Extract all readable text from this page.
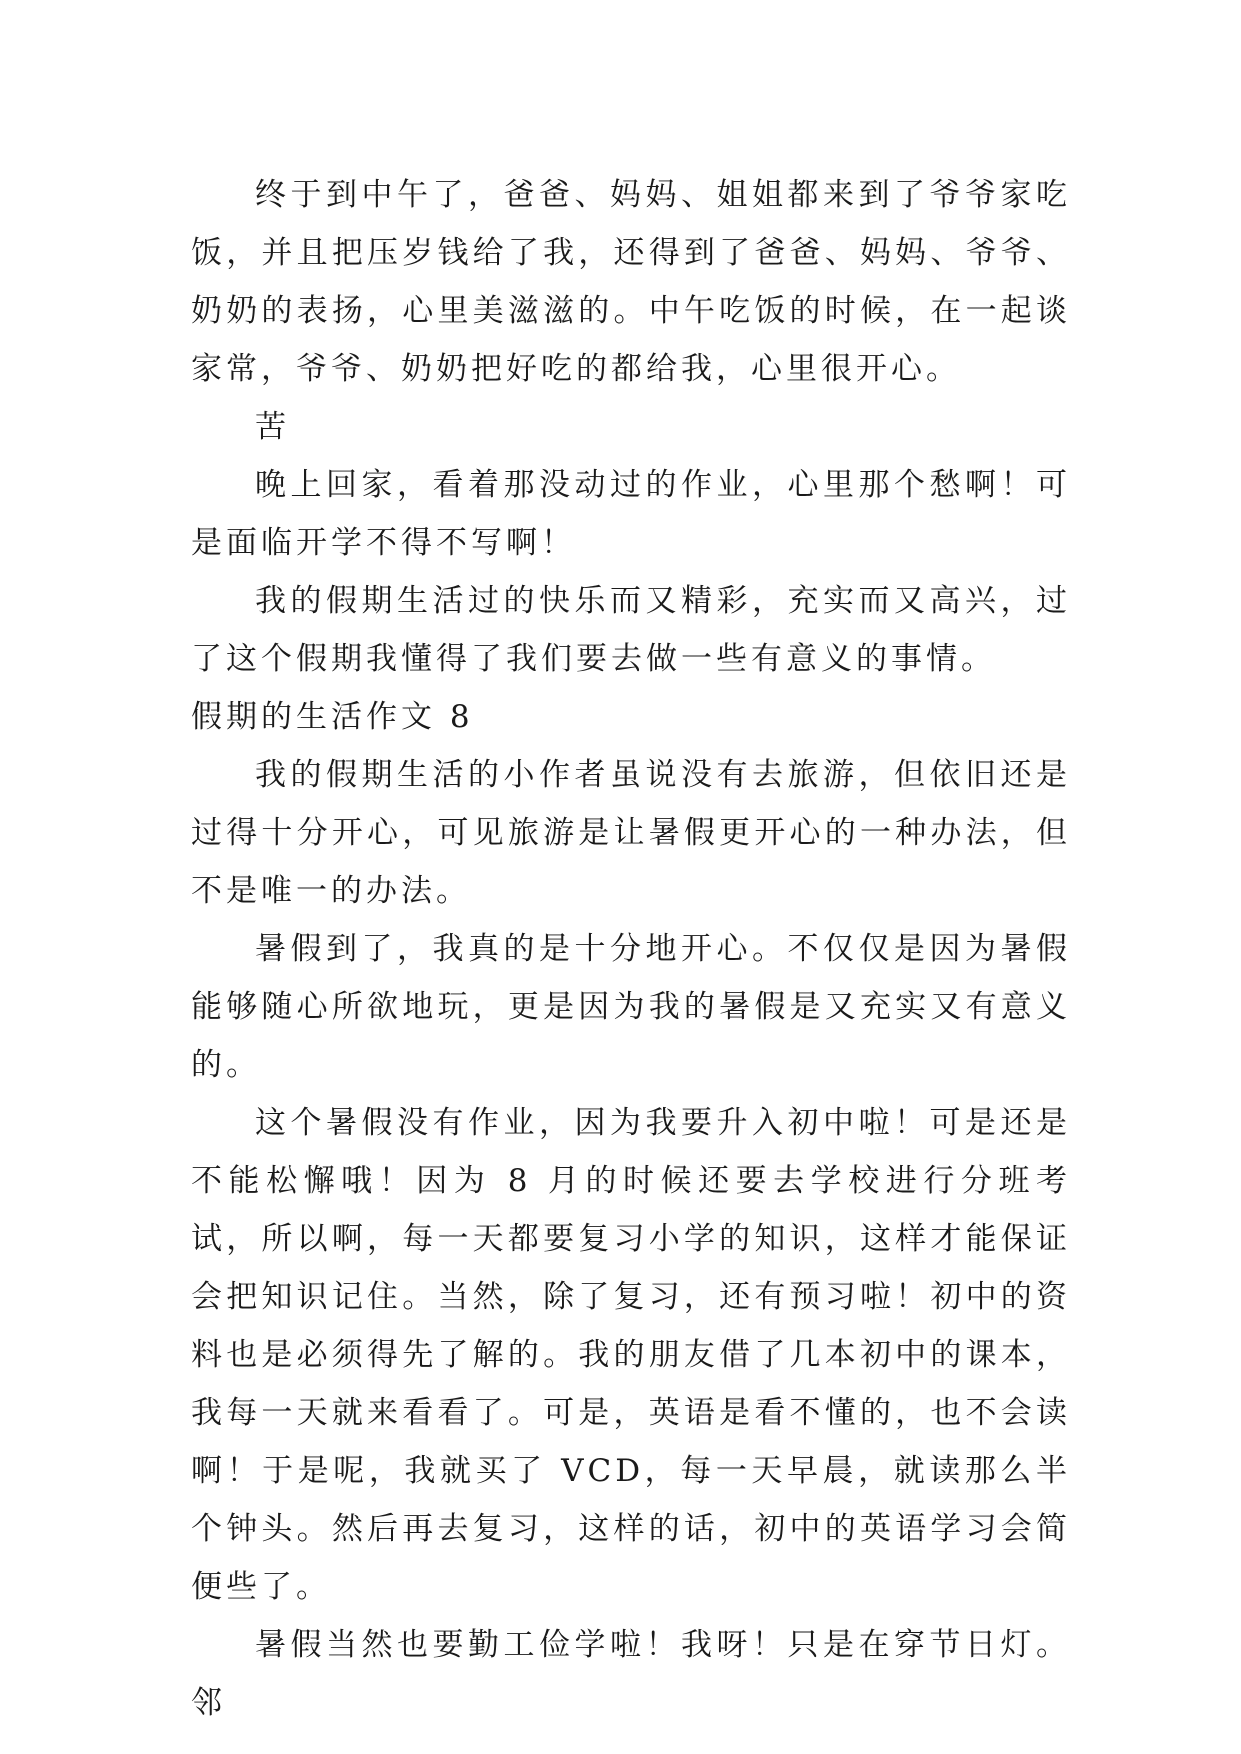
终于到中午了，爸爸、妈妈、姐姐都来到了爷爷家吃饭，并且把压岁钱给了我，还得到了爸爸、妈妈、爷爷、奶奶的表扬，心里美滋滋的。中午吃饭的时候，在一起谈家常，爷爷、奶奶把好吃的都给我，心里很开心。

苦

晚上回家，看着那没动过的作业，心里那个愁啊！可是面临开学不得不写啊！

我的假期生活过的快乐而又精彩，充实而又高兴，过了这个假期我懂得了我们要去做一些有意义的事情。

假期的生活作文 8

我的假期生活的小作者虽说没有去旅游，但依旧还是过得十分开心，可见旅游是让暑假更开心的一种办法，但不是唯一的办法。

暑假到了，我真的是十分地开心。不仅仅是因为暑假能够随心所欲地玩，更是因为我的暑假是又充实又有意义的。

这个暑假没有作业，因为我要升入初中啦！可是还是不能松懈哦！因为 8 月的时候还要去学校进行分班考试，所以啊，每一天都要复习小学的知识，这样才能保证会把知识记住。当然，除了复习，还有预习啦！初中的资料也是必须得先了解的。我的朋友借了几本初中的课本，我每一天就来看看了。可是，英语是看不懂的，也不会读啊！于是呢，我就买了 VCD，每一天早晨，就读那么半个钟头。然后再去复习，这样的话，初中的英语学习会简便些了。

暑假当然也要勤工俭学啦！我呀！只是在穿节日灯。邻
